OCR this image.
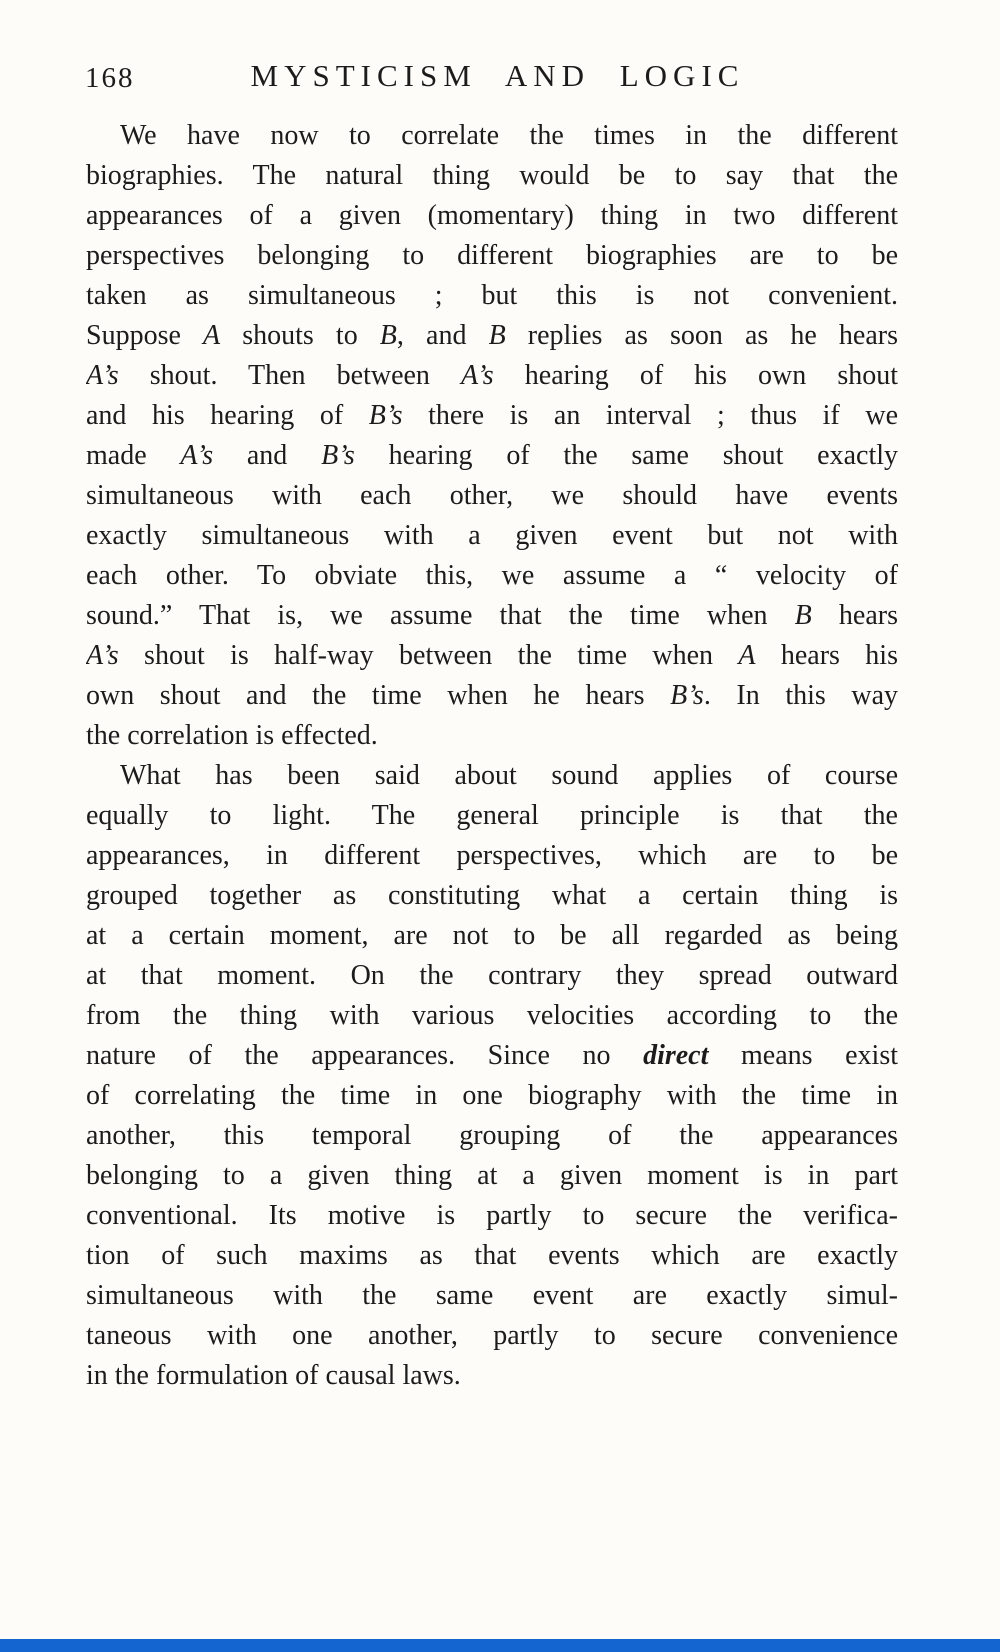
168	MYSTICISM AND LOGIC
We have now to correlate the times in the different
biographies. The natural thing would be to say that the
appearances of a given (momentary) thing in two different
perspectives belonging to different biographies are to be
taken as simultaneous ; but this is not convenient.
Suppose A shouts to B, and B replies as soon as he hears
A’s shout. Then between A’s hearing of his own shout
and his hearing of B’s there is an interval ; thus if we
made A’s and B’s hearing of the same shout exactly
simultaneous with each other, we should have events
exactly simultaneous with a given event but not with
each other. To obviate this, we assume a “ velocity of
sound.” That is, we assume that the time when B hears
A’s shout is half-way between the time when A hears his
own shout and the time when he hears B’s. In this way
the correlation is effected.
What has been said about sound applies of course
equally to light. The general principle is that the
appearances, in different perspectives, which are to be
grouped together as constituting what a certain thing is
at a certain moment, are not to be all regarded as being
at that moment. On the contrary they spread outward
from the thing with various velocities according to the
nature of the appearances. Since no direct means exist
of correlating the time in one biography with the time in
another, this temporal grouping of the appearances
belonging to a given thing at a given moment is in part
conventional. Its motive is partly to secure the verifica-
tion of such maxims as that events which are exactly
simultaneous with the same event are exactly simul-
taneous with one another, partly to secure convenience
in the formulation of causal laws.
